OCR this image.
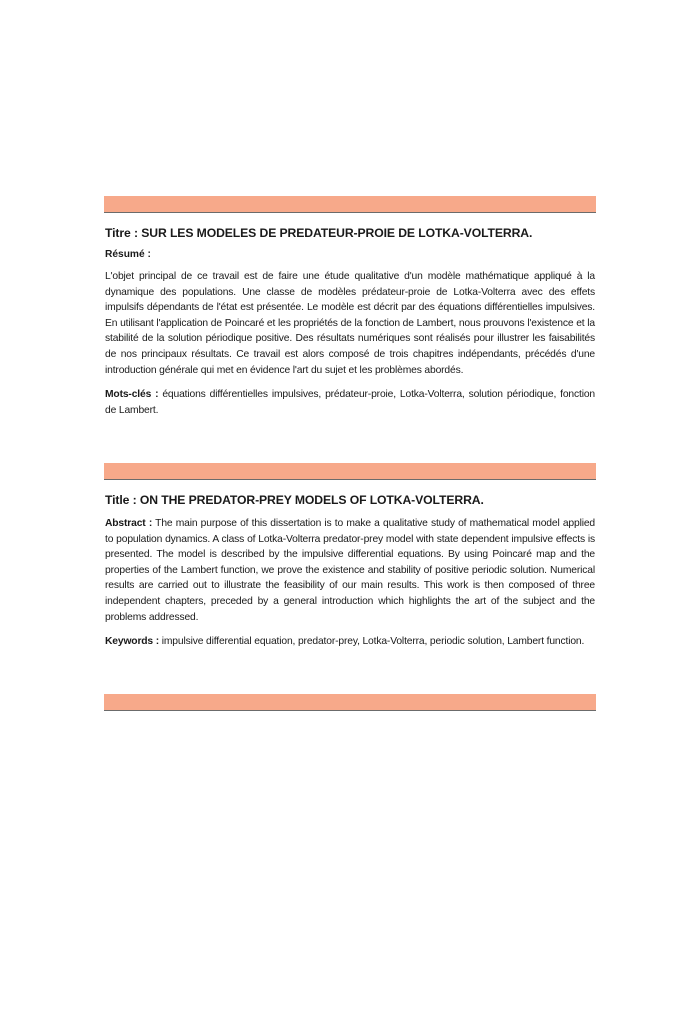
Titre : SUR LES MODELES DE PREDATEUR-PROIE DE LOTKA-VOLTERRA.
Résumé :

L'objet principal de ce travail est de faire une étude qualitative d'un modèle mathématique appliqué à la dynamique des populations. Une classe de modèles prédateur-proie de Lotka-Volterra avec des effets impulsifs dépendants de l'état est présentée. Le modèle est décrit par des équations différentielles impulsives. En utilisant l'application de Poincaré et les propriétés de la fonction de Lambert, nous prouvons l'existence et la stabilité de la solution périodique positive. Des résultats numériques sont réalisés pour illustrer les faisabilités de nos principaux résultats. Ce travail est alors composé de trois chapitres indépendants, précédés d'une introduction générale qui met en évidence l'art du sujet et les problèmes abordés.

Mots-clés : équations différentielles impulsives, prédateur-proie, Lotka-Volterra, solution périodique, fonction de Lambert.

Title : ON THE PREDATOR-PREY MODELS OF LOTKA-VOLTERRA.

Abstract : The main purpose of this dissertation is to make a qualitative study of mathematical model applied to population dynamics. A class of Lotka-Volterra predator-prey model with state dependent impulsive effects is presented. The model is described by the impulsive differential equations. By using Poincaré map and the properties of the Lambert function, we prove the existence and stability of positive periodic solution. Numerical results are carried out to illustrate the feasibility of our main results. This work is then composed of three independent chapters, preceded by a general introduction which highlights the art of the subject and the problems addressed.

Keywords : impulsive differential equation, predator-prey, Lotka-Volterra, periodic solution, Lambert function.
